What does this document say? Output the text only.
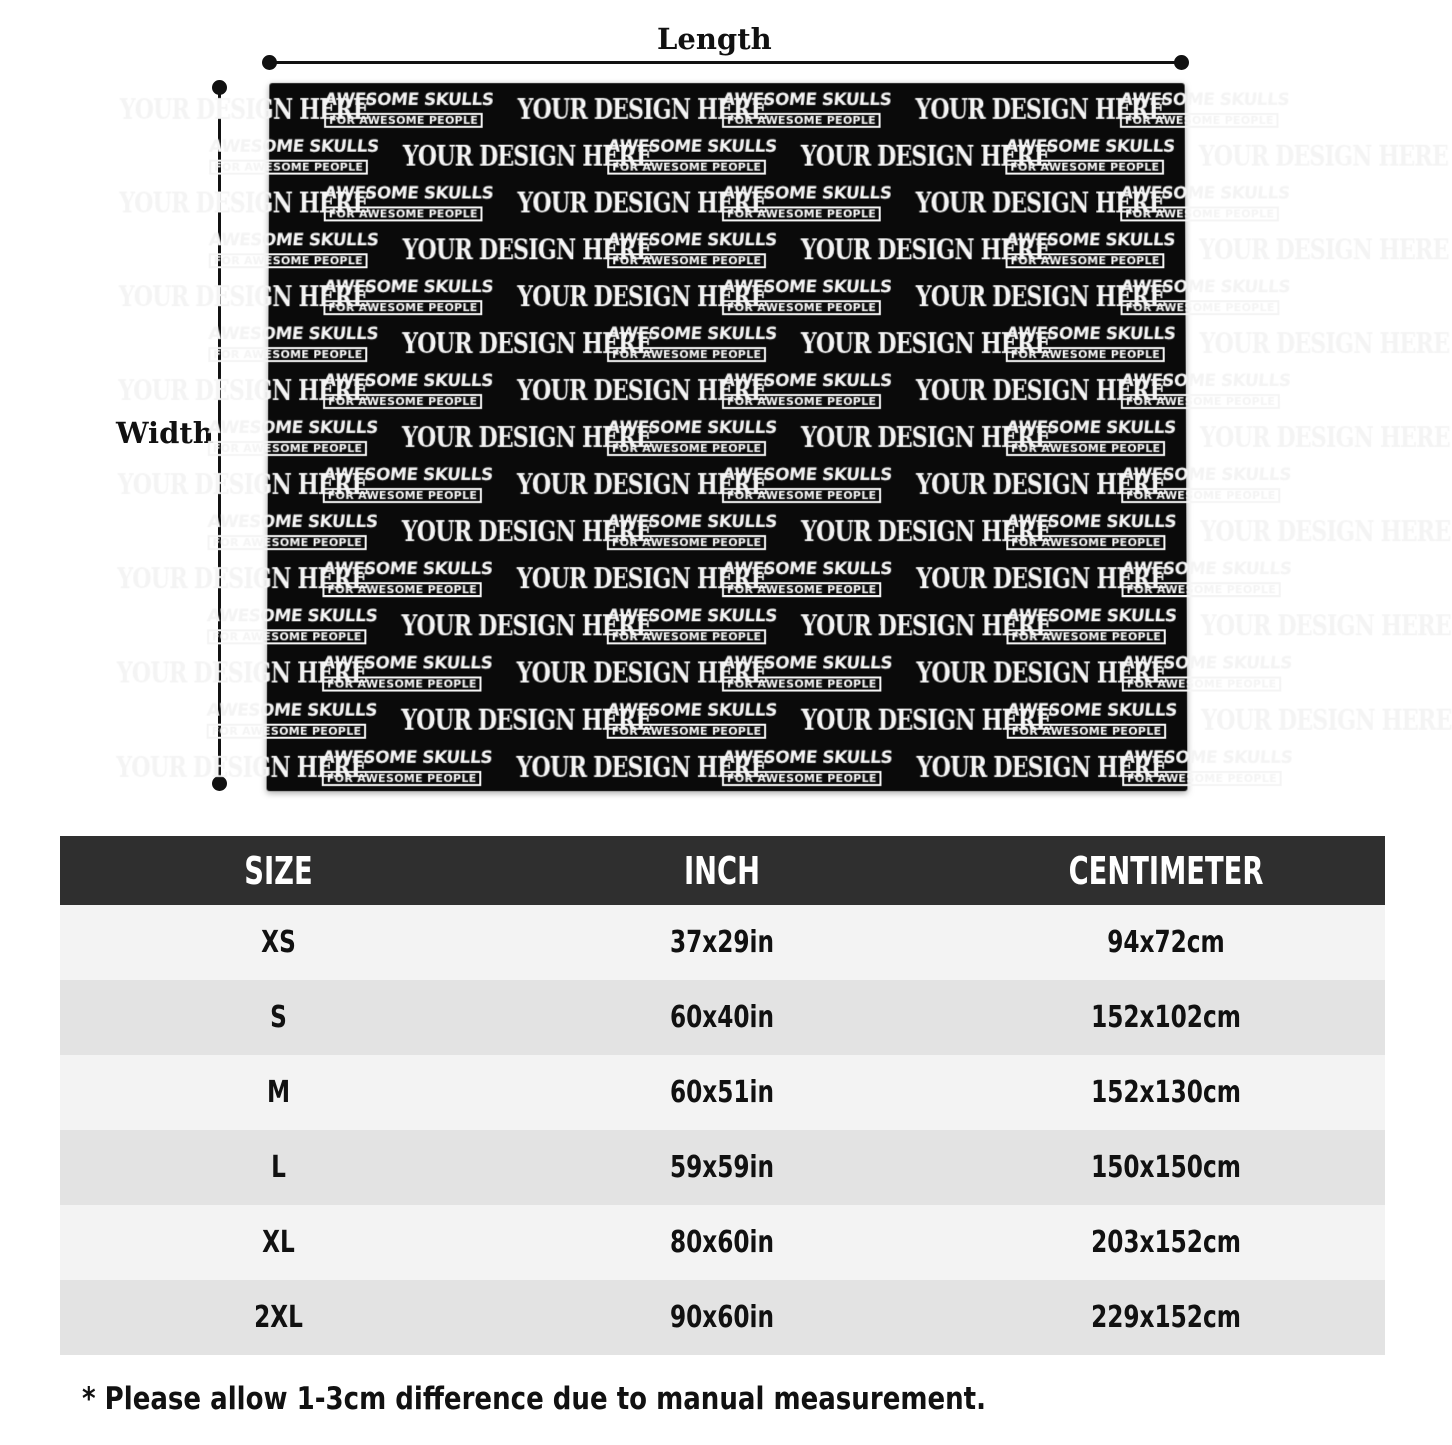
Length
Width
YOUR DESIGN HERE
AWESOME SKULLS
FOR AWESOME PEOPLE	YOUR DESIGN HERE
AWESOME SKULLS
FOR AWESOME PEOPLE	YOUR DESIGN HERE
AWESOME SKULLS
FOR AWESOME PEOPLE
AWESOME SKULLS
FOR AWESOME PEOPLE	YOUR DESIGN HERE
AWESOME SKULLS
FOR AWESOME PEOPLE	YOUR DESIGN HERE
AWESOME SKULLS
FOR AWESOME PEOPLE	YOUR DESIGN HERE
YOUR DESIGN HERE
AWESOME SKULLS
FOR AWESOME PEOPLE	YOUR DESIGN HERE
AWESOME SKULLS
FOR AWESOME PEOPLE	YOUR DESIGN HERE
AWESOME SKULLS
FOR AWESOME PEOPLE
AWESOME SKULLS
FOR AWESOME PEOPLE	YOUR DESIGN HERE
AWESOME SKULLS
FOR AWESOME PEOPLE	YOUR DESIGN HERE
AWESOME SKULLS
FOR AWESOME PEOPLE	YOUR DESIGN HERE
YOUR DESIGN HERE
AWESOME SKULLS
FOR AWESOME PEOPLE	YOUR DESIGN HERE
AWESOME SKULLS
FOR AWESOME PEOPLE	YOUR DESIGN HERE
AWESOME SKULLS
FOR AWESOME PEOPLE
AWESOME SKULLS
FOR AWESOME PEOPLE	YOUR DESIGN HERE
AWESOME SKULLS
FOR AWESOME PEOPLE	YOUR DESIGN HERE
AWESOME SKULLS
FOR AWESOME PEOPLE	YOUR DESIGN HERE
YOUR DESIGN HERE
AWESOME SKULLS
FOR AWESOME PEOPLE	YOUR DESIGN HERE
AWESOME SKULLS
FOR AWESOME PEOPLE	YOUR DESIGN HERE
AWESOME SKULLS
FOR AWESOME PEOPLE
AWESOME SKULLS
FOR AWESOME PEOPLE	YOUR DESIGN HERE
AWESOME SKULLS
FOR AWESOME PEOPLE	YOUR DESIGN HERE
AWESOME SKULLS
FOR AWESOME PEOPLE	YOUR DESIGN HERE
YOUR DESIGN HERE
AWESOME SKULLS
FOR AWESOME PEOPLE	YOUR DESIGN HERE
AWESOME SKULLS
FOR AWESOME PEOPLE	YOUR DESIGN HERE
AWESOME SKULLS
FOR AWESOME PEOPLE
AWESOME SKULLS
FOR AWESOME PEOPLE	YOUR DESIGN HERE
AWESOME SKULLS
FOR AWESOME PEOPLE	YOUR DESIGN HERE
AWESOME SKULLS
FOR AWESOME PEOPLE	YOUR DESIGN HERE
YOUR DESIGN HERE
AWESOME SKULLS
FOR AWESOME PEOPLE	YOUR DESIGN HERE
AWESOME SKULLS
FOR AWESOME PEOPLE	YOUR DESIGN HERE
AWESOME SKULLS
FOR AWESOME PEOPLE
AWESOME SKULLS
FOR AWESOME PEOPLE	YOUR DESIGN HERE
AWESOME SKULLS
FOR AWESOME PEOPLE	YOUR DESIGN HERE
AWESOME SKULLS
FOR AWESOME PEOPLE	YOUR DESIGN HERE
YOUR DESIGN HERE
AWESOME SKULLS
FOR AWESOME PEOPLE	YOUR DESIGN HERE
AWESOME SKULLS
FOR AWESOME PEOPLE	YOUR DESIGN HERE
AWESOME SKULLS
FOR AWESOME PEOPLE
AWESOME SKULLS
FOR AWESOME PEOPLE	YOUR DESIGN HERE
AWESOME SKULLS
FOR AWESOME PEOPLE	YOUR DESIGN HERE
AWESOME SKULLS
FOR AWESOME PEOPLE	YOUR DESIGN HERE
YOUR DESIGN HERE
AWESOME SKULLS
FOR AWESOME PEOPLE	YOUR DESIGN HERE
AWESOME SKULLS
FOR AWESOME PEOPLE	YOUR DESIGN HERE
AWESOME SKULLS
FOR AWESOME PEOPLE
SIZE	INCH	CENTIMETER
XS	37x29in	94x72cm
S	60x40in	152x102cm
M	60x51in	152x130cm
L	59x59in	150x150cm
XL	80x60in	203x152cm
2XL	90x60in	229x152cm
* Please allow 1-3cm difference due to manual measurement.
